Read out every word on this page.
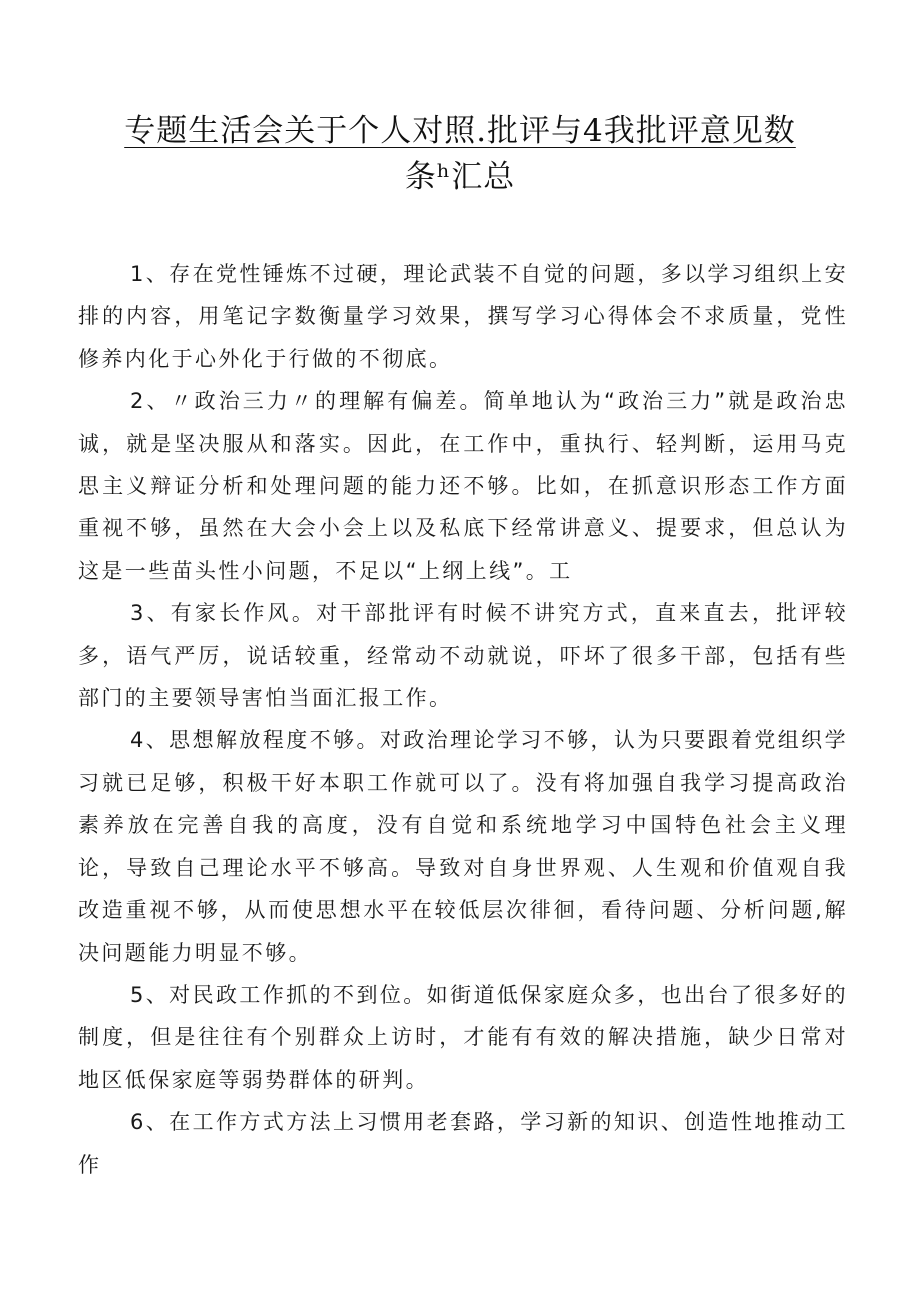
专题生活会关于个人对照.批评与4我批评意见数
条ʰ汇总

1、存在党性锤炼不过硬，理论武装不自觉的问题，多以学习组织上安排的内容，用笔记字数衡量学习效果，撰写学习心得体会不求质量，党性修养内化于心外化于行做的不彻底。

2、〃政治三力〃的理解有偏差。简单地认为“政治三力”就是政治忠诚，就是坚决服从和落实。因此，在工作中，重执行、轻判断，运用马克思主义辩证分析和处理问题的能力还不够。比如，在抓意识形态工作方面重视不够，虽然在大会小会上以及私底下经常讲意义、提要求，但总认为这是一些苗头性小问题，不足以“上纲上线”。工

3、有家长作风。对干部批评有时候不讲究方式，直来直去，批评较多，语气严厉，说话较重，经常动不动就说，吓坏了很多干部，包括有些部门的主要领导害怕当面汇报工作。

4、思想解放程度不够。对政治理论学习不够，认为只要跟着党组织学习就已足够，积极干好本职工作就可以了。没有将加强自我学习提高政治素养放在完善自我的高度，没有自觉和系统地学习中国特色社会主义理论，导致自己理论水平不够高。导致对自身世界观、人生观和价值观自我改造重视不够，从而使思想水平在较低层次徘徊，看待问题、分析问题,解决问题能力明显不够。

5、对民政工作抓的不到位。如街道低保家庭众多，也出台了很多好的制度，但是往往有个别群众上访时，才能有有效的解决措施，缺少日常对地区低保家庭等弱势群体的研判。

6、在工作方式方法上习惯用老套路，学习新的知识、创造性地推动工作
